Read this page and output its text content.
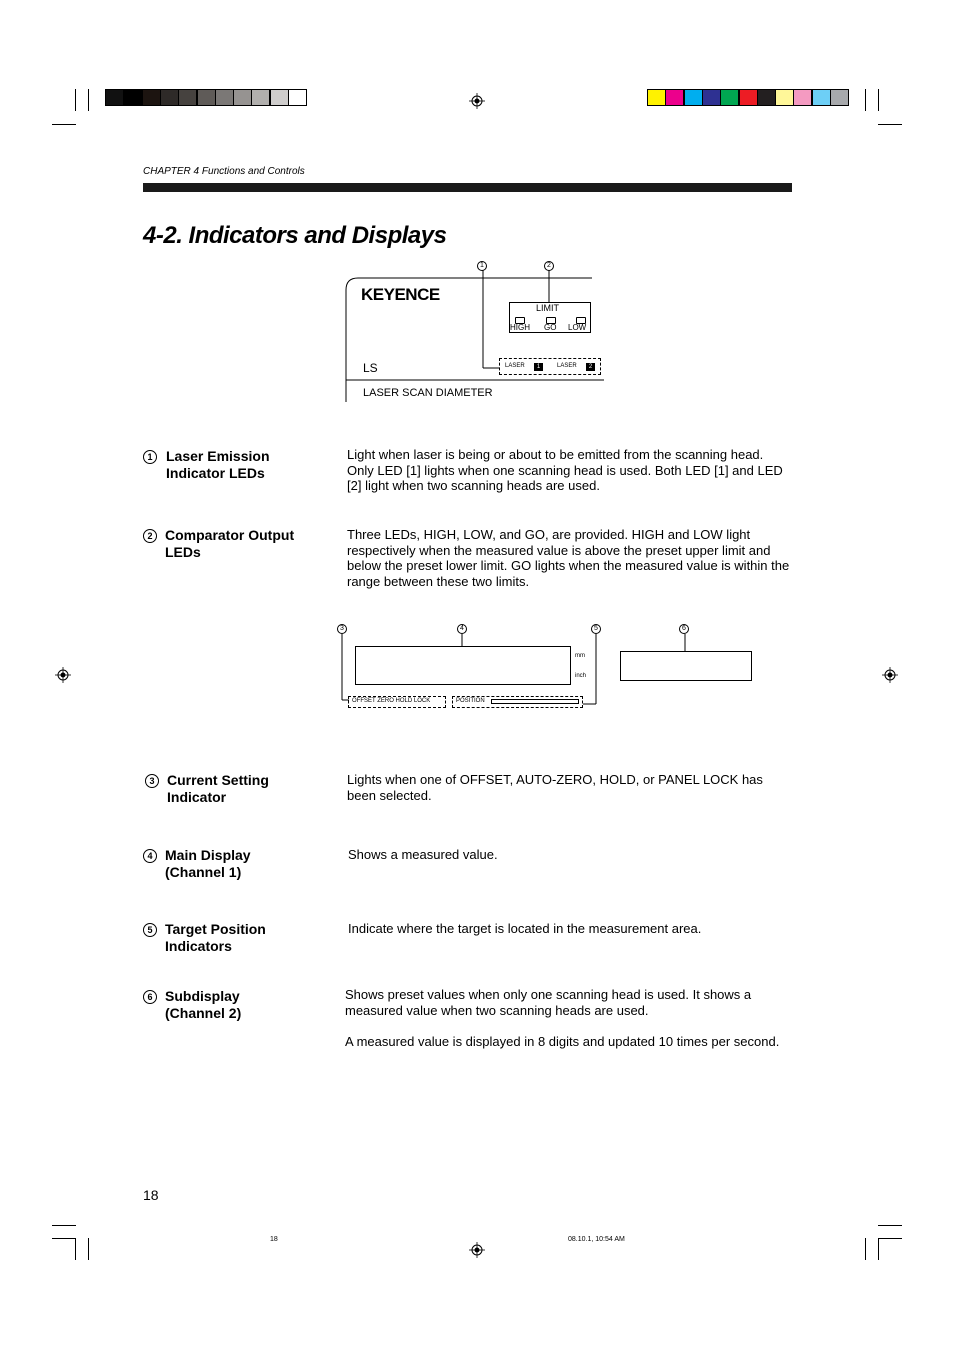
CHAPTER 4 Functions and Controls
4-2. Indicators and Displays
KEYENCE
LS
LASER SCAN DIAMETER
LIMIT
HIGH GO LOW
LASER	1	LASER	2
1	2
1 Laser Emission
Indicator LEDs
Light when laser is being or about to be emitted from the scanning head.
Only LED [1] lights when one scanning head is used. Both LED [1] and LED
[2] light when two scanning heads are used.
2 Comparator Output
LEDs
Three LEDs, HIGH, LOW, and GO, are provided. HIGH and LOW light
respectively when the measured value is above the preset upper limit and
below the preset lower limit. GO lights when the measured value is within the
range between these two limits.
3	4	5	6
mm
inch
OFFSET ZERO HOLD LOCK	POSITION
3 Current Setting
Indicator
Lights when one of OFFSET, AUTO-ZERO, HOLD, or PANEL LOCK has
been selected.
4 Main Display
(Channel 1)
Shows a measured value.
5 Target Position
Indicators
Indicate where the target is located in the measurement area.
6 Subdisplay
(Channel 2)
Shows preset values when only one scanning head is used. It shows a
measured value when two scanning heads are used.
A measured value is displayed in 8 digits and updated 10 times per second.
18
18	08.10.1, 10:54 AM
